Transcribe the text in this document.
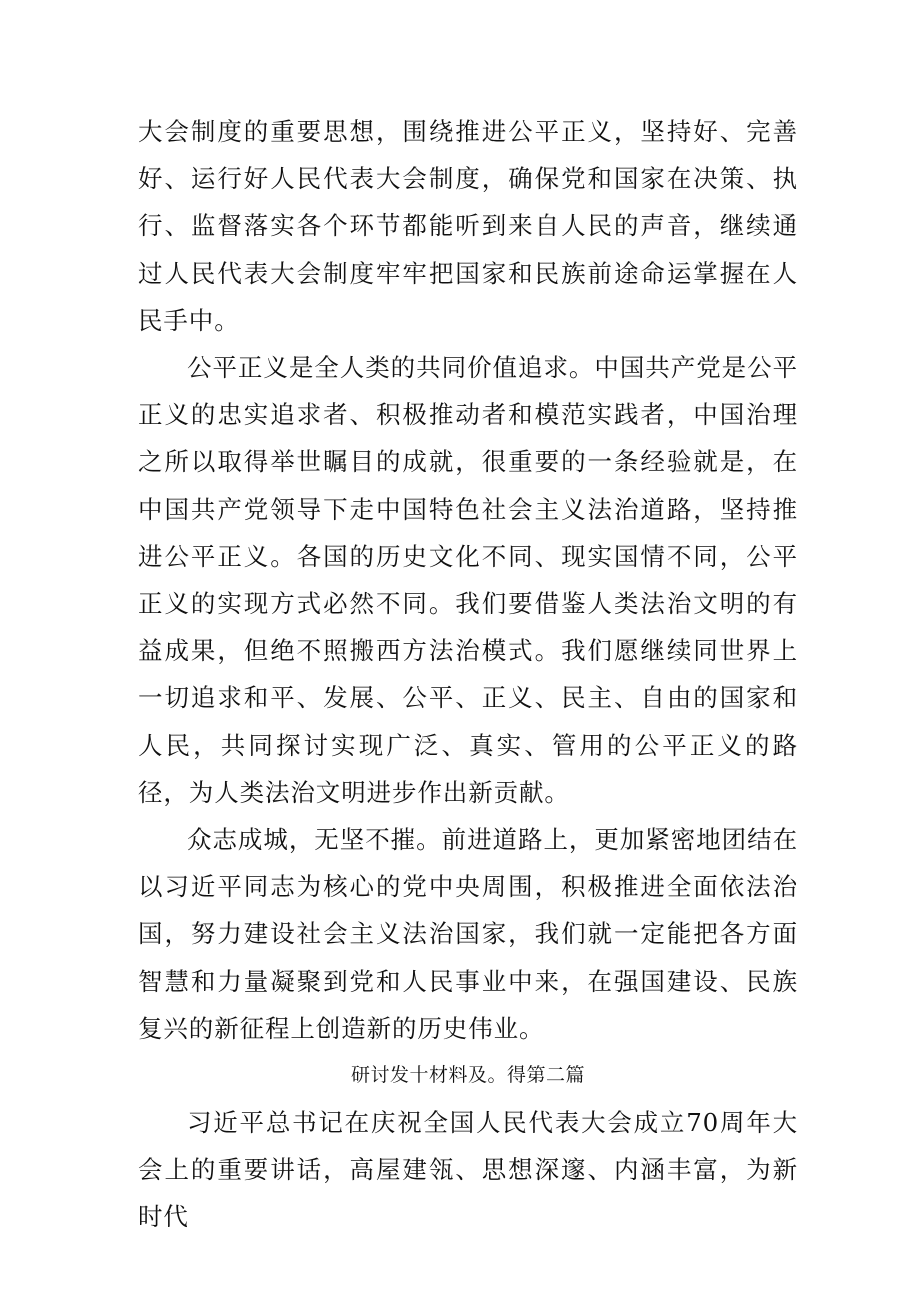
大会制度的重要思想，围绕推进公平正义，坚持好、完善好、运行好人民代表大会制度，确保党和国家在决策、执行、监督落实各个环节都能听到来自人民的声音，继续通过人民代表大会制度牢牢把国家和民族前途命运掌握在人民手中。

公平正义是全人类的共同价值追求。中国共产党是公平正义的忠实追求者、积极推动者和模范实践者，中国治理之所以取得举世瞩目的成就，很重要的一条经验就是，在中国共产党领导下走中国特色社会主义法治道路，坚持推进公平正义。各国的历史文化不同、现实国情不同，公平正义的实现方式必然不同。我们要借鉴人类法治文明的有益成果，但绝不照搬西方法治模式。我们愿继续同世界上一切追求和平、发展、公平、正义、民主、自由的国家和人民，共同探讨实现广泛、真实、管用的公平正义的路径，为人类法治文明进步作出新贡献。

众志成城，无坚不摧。前进道路上，更加紧密地团结在以习近平同志为核心的党中央周围，积极推进全面依法治国，努力建设社会主义法治国家，我们就一定能把各方面智慧和力量凝聚到党和人民事业中来，在强国建设、民族复兴的新征程上创造新的历史伟业。

研讨发十材料及。得第二篇

习近平总书记在庆祝全国人民代表大会成立70周年大会上的重要讲话，高屋建瓴、思想深邃、内涵丰富，为新时代
